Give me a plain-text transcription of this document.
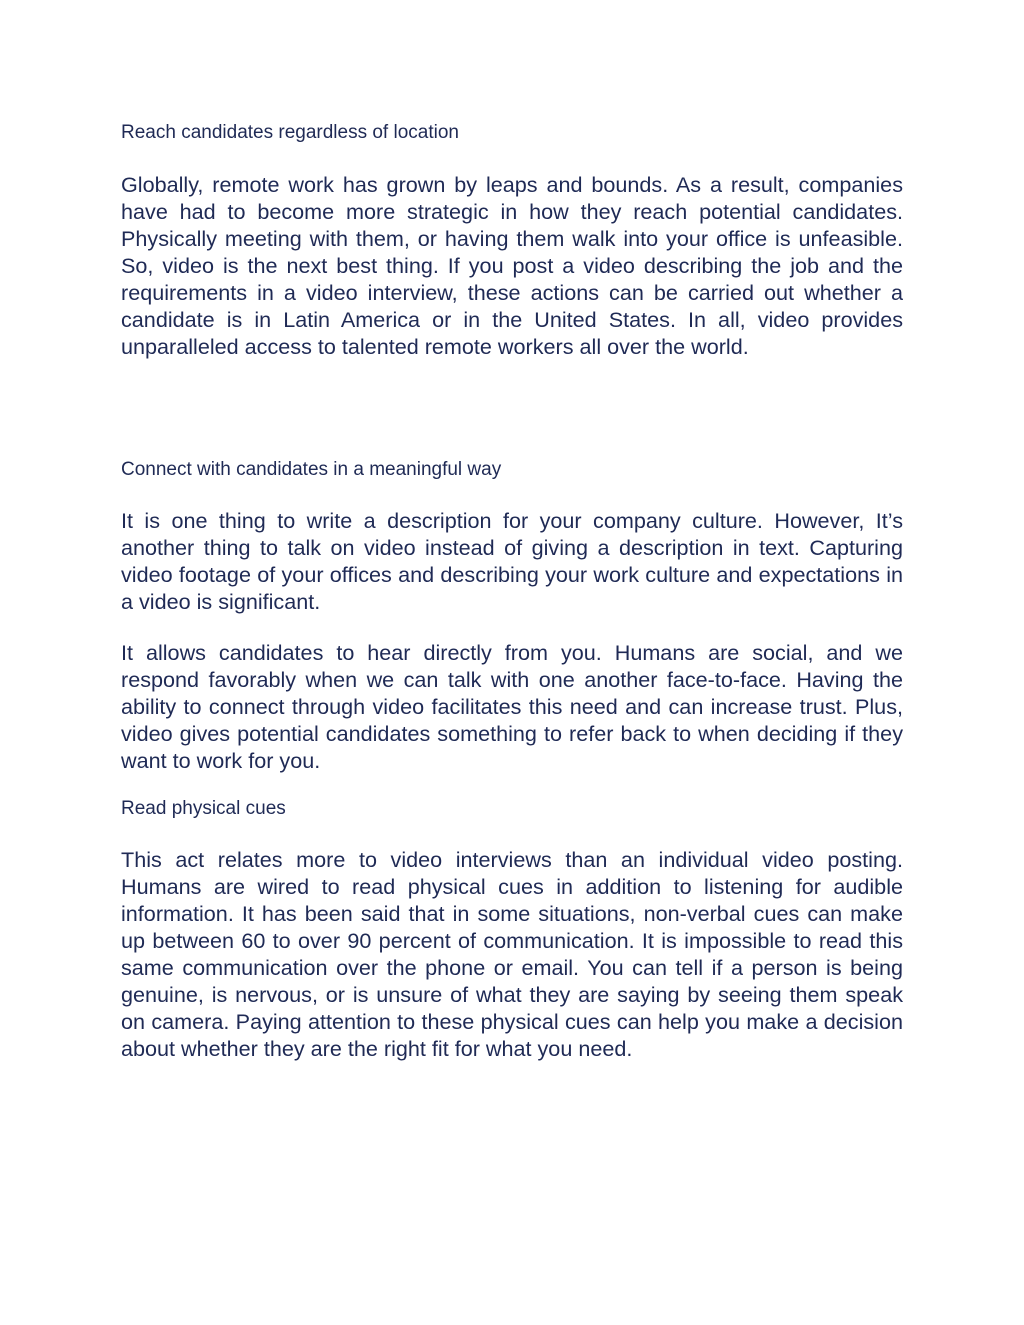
Reach candidates regardless of location

Globally, remote work has grown by leaps and bounds. As a result, companies have had to become more strategic in how they reach potential candidates. Physically meeting with them, or having them walk into your office is unfeasible. So, video is the next best thing. If you post a video describing the job and the requirements in a video interview, these actions can be carried out whether a candidate is in Latin America or in the United States. In all, video provides unparalleled access to talented remote workers all over the world.

Connect with candidates in a meaningful way

It is one thing to write a description for your company culture. However, It’s another thing to talk on video instead of giving a description in text. Capturing video footage of your offices and describing your work culture and expectations in a video is significant.

It allows candidates to hear directly from you. Humans are social, and we respond favorably when we can talk with one another face-to-face. Having the ability to connect through video facilitates this need and can increase trust. Plus, video gives potential candidates something to refer back to when deciding if they want to work for you.

Read physical cues

This act relates more to video interviews than an individual video posting. Humans are wired to read physical cues in addition to listening for audible information. It has been said that in some situations, non-verbal cues can make up between 60 to over 90 percent of communication. It is impossible to read this same communication over the phone or email. You can tell if a person is being genuine, is nervous, or is unsure of what they are saying by seeing them speak on camera. Paying attention to these physical cues can help you make a decision about whether they are the right fit for what you need.
